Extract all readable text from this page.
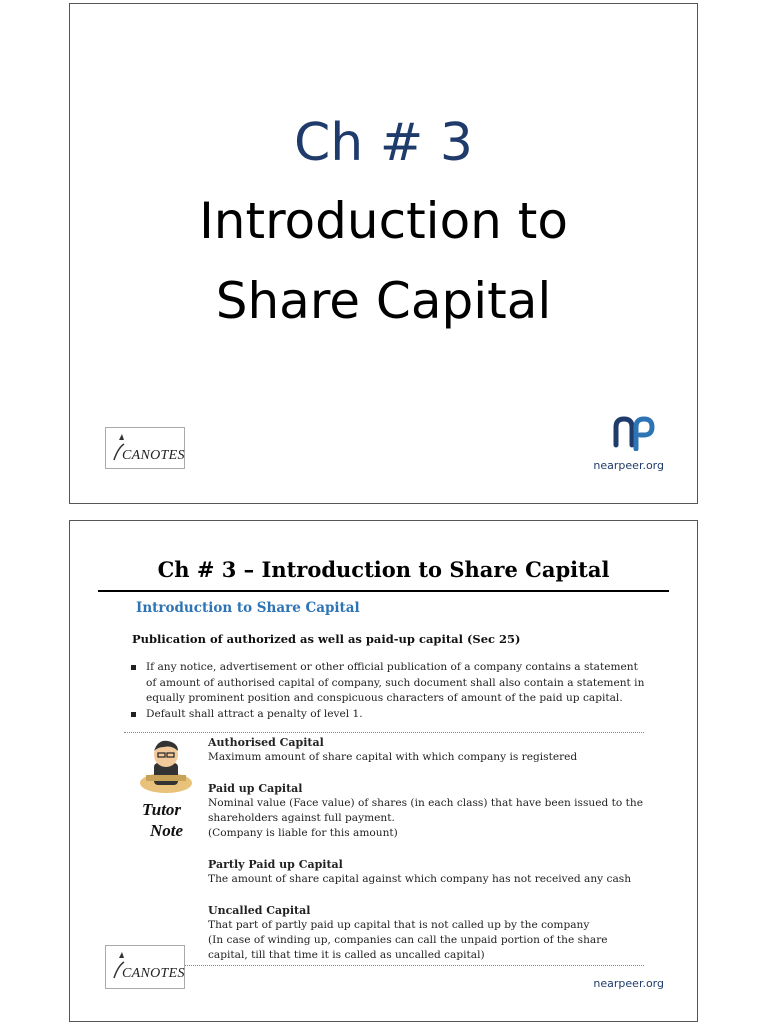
Ch # 3
Introduction to
Share Capital
CANOTES
nearpeer.org
Ch # 3 – Introduction to Share Capital
Introduction to Share Capital
Publication of authorized as well as paid-up capital (Sec 25)
If any notice, advertisement or other official publication of a company contains a statement of amount of authorised capital of company, such document shall also contain a statement in equally prominent position and conspicuous characters of amount of the paid up capital.
Default shall attract a penalty of level 1.
Tutor
Note
Authorised Capital
Maximum amount of share capital with which company is registered
Paid up Capital
Nominal value (Face value) of shares (in each class) that have been issued to the shareholders against full payment.
(Company is liable for this amount)
Partly Paid up Capital
The amount of share capital against which company has not received any cash
Uncalled Capital
That part of partly paid up capital that is not called up by the company
(In case of winding up, companies can call the unpaid portion of the share capital, till that time it is called as uncalled capital)
CANOTES
nearpeer.org
